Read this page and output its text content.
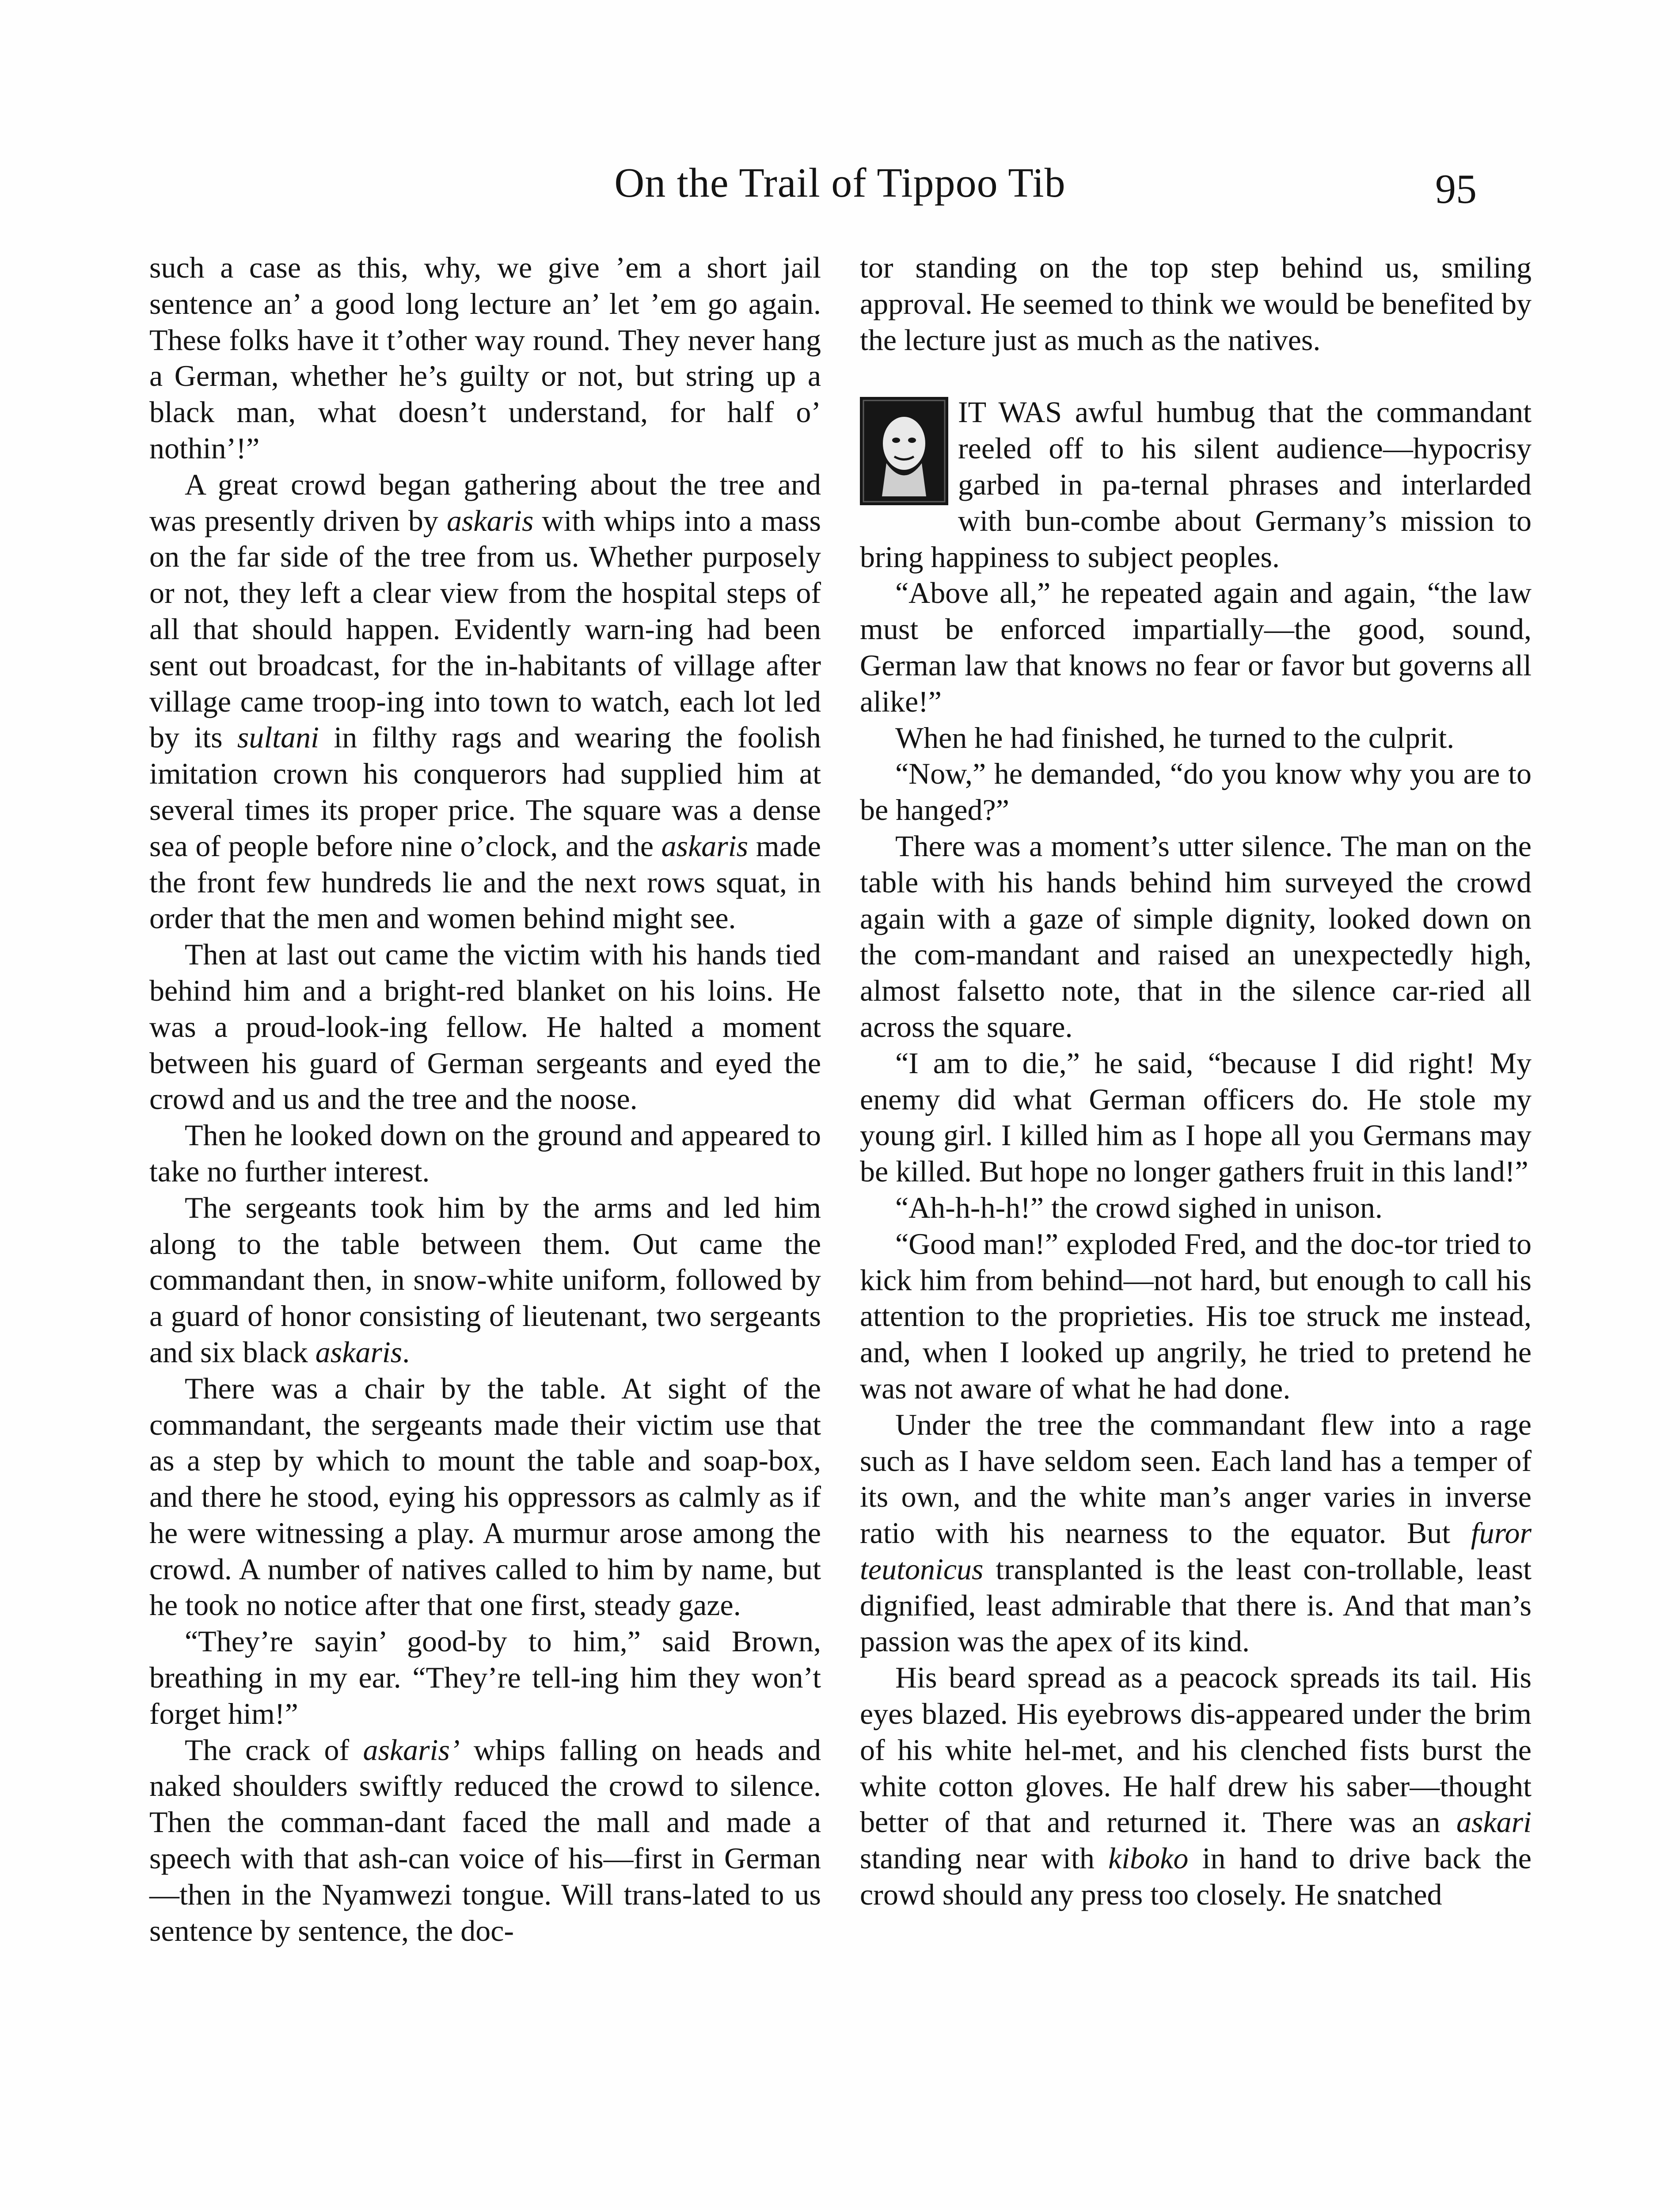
On the Trail of Tippoo Tib	95

such a case as this, why, we give ’em a short jail sentence an’ a good long lecture an’ let ’em go again. These folks have it t’other way round. They never hang a German, whether he’s guilty or not, but string up a black man, what doesn’t understand, for half o’ nothin’!”

A great crowd began gathering about the tree and was presently driven by askaris with whips into a mass on the far side of the tree from us. Whether purposely or not, they left a clear view from the hospital steps of all that should happen. Evidently warn-ing had been sent out broadcast, for the in-habitants of village after village came troop-ing into town to watch, each lot led by its sultani in filthy rags and wearing the foolish imitation crown his conquerors had supplied him at several times its proper price. The square was a dense sea of people before nine o’clock, and the askaris made the front few hundreds lie and the next rows squat, in order that the men and women behind might see.

Then at last out came the victim with his hands tied behind him and a bright-red blanket on his loins. He was a proud-look-ing fellow. He halted a moment between his guard of German sergeants and eyed the crowd and us and the tree and the noose.

Then he looked down on the ground and appeared to take no further interest.

The sergeants took him by the arms and led him along to the table between them. Out came the commandant then, in snow-white uniform, followed by a guard of honor consisting of lieutenant, two sergeants and six black askaris.

There was a chair by the table. At sight of the commandant, the sergeants made their victim use that as a step by which to mount the table and soap-box, and there he stood, eying his oppressors as calmly as if he were witnessing a play. A murmur arose among the crowd. A number of natives called to him by name, but he took no notice after that one first, steady gaze.

“They’re sayin’ good-by to him,” said Brown, breathing in my ear. “They’re tell-ing him they won’t forget him!”

The crack of askaris’ whips falling on heads and naked shoulders swiftly reduced the crowd to silence. Then the comman-dant faced the mall and made a speech with that ash-can voice of his—first in German—then in the Nyamwezi tongue. Will trans-lated to us sentence by sentence, the doc-

tor standing on the top step behind us, smiling approval. He seemed to think we would be benefited by the lecture just as much as the natives.

IT WAS awful humbug that the commandant reeled off to his silent audience—hypocrisy garbed in pa-ternal phrases and interlarded with bun-combe about Germany’s mission to bring happiness to subject peoples.

“Above all,” he repeated again and again, “the law must be enforced impartially—the good, sound, German law that knows no fear or favor but governs all alike!”

When he had finished, he turned to the culprit.

“Now,” he demanded, “do you know why you are to be hanged?”

There was a moment’s utter silence. The man on the table with his hands behind him surveyed the crowd again with a gaze of simple dignity, looked down on the com-mandant and raised an unexpectedly high, almost falsetto note, that in the silence car-ried all across the square.

“I am to die,” he said, “because I did right! My enemy did what German officers do. He stole my young girl. I killed him as I hope all you Germans may be killed. But hope no longer gathers fruit in this land!”

“Ah-h-h-h!” the crowd sighed in unison.

“Good man!” exploded Fred, and the doc-tor tried to kick him from behind—not hard, but enough to call his attention to the proprieties. His toe struck me instead, and, when I looked up angrily, he tried to pretend he was not aware of what he had done.

Under the tree the commandant flew into a rage such as I have seldom seen. Each land has a temper of its own, and the white man’s anger varies in inverse ratio with his nearness to the equator. But furor teutonicus transplanted is the least con-trollable, least dignified, least admirable that there is. And that man’s passion was the apex of its kind.

His beard spread as a peacock spreads its tail. His eyes blazed. His eyebrows dis-appeared under the brim of his white hel-met, and his clenched fists burst the white cotton gloves. He half drew his saber—thought better of that and returned it. There was an askari standing near with kiboko in hand to drive back the crowd should any press too closely. He snatched
